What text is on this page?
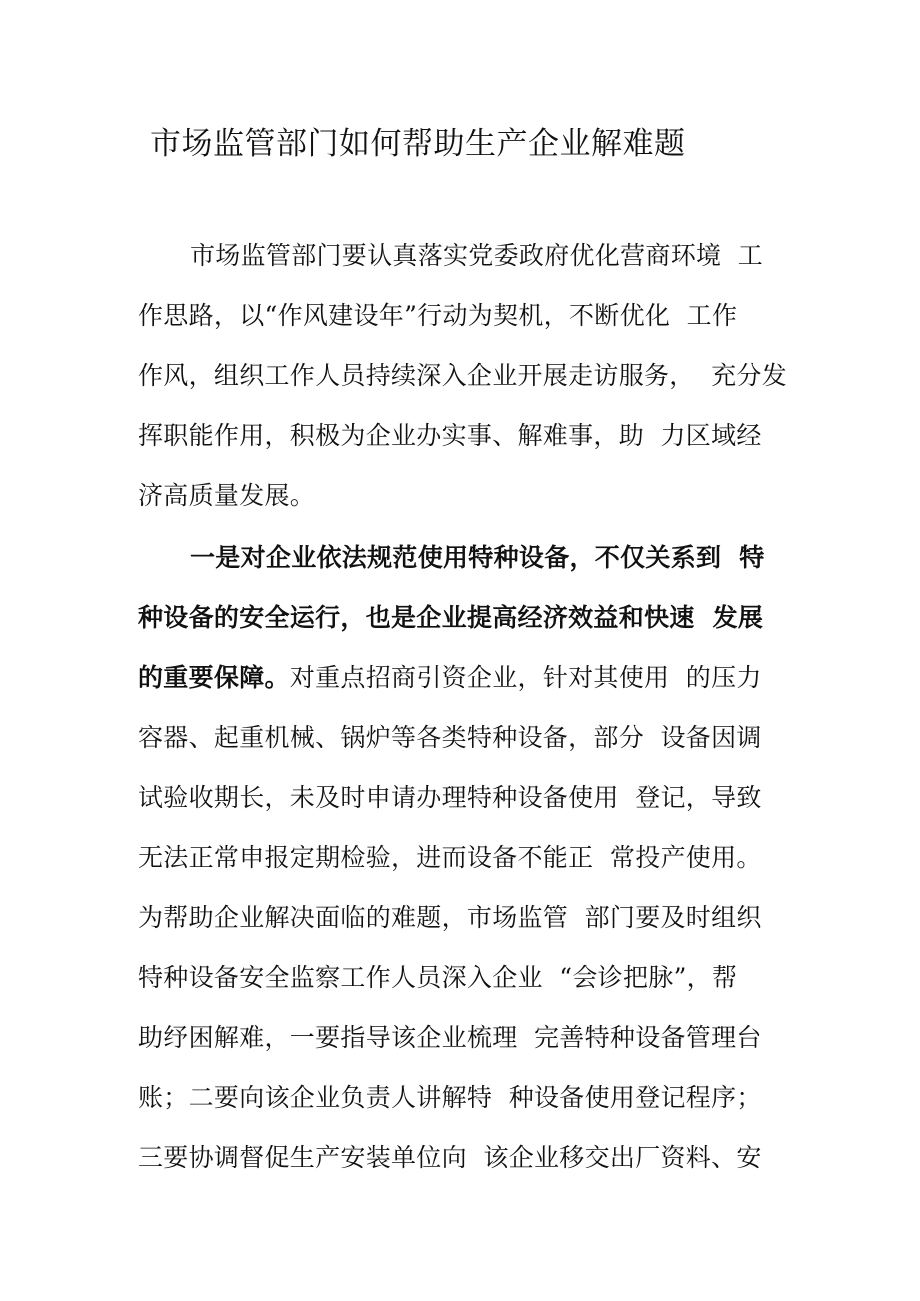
市场监管部门如何帮助生产企业解难题

市场监管部门要认真落实党委政府优化营商环境  工

作思路，以“作风建设年”行动为契机，不断优化  工作

作风，组织工作人员持续深入企业开展走访服务，  充分发

挥职能作用，积极为企业办实事、解难事，助  力区域经

济高质量发展。

一是对企业依法规范使用特种设备，不仅关系到  特

种设备的安全运行，也是企业提高经济效益和快速  发展

的重要保障。对重点招商引资企业，针对其使用  的压力

容器、起重机械、锅炉等各类特种设备，部分  设备因调

试验收期长，未及时申请办理特种设备使用  登记，导致

无法正常申报定期检验，进而设备不能正  常投产使用。

为帮助企业解决面临的难题，市场监管  部门要及时组织

特种设备安全监察工作人员深入企业  “会诊把脉”，帮

助纾困解难，一要指导该企业梳理  完善特种设备管理台

账；二要向该企业负责人讲解特  种设备使用登记程序；

三要协调督促生产安装单位向  该企业移交出厂资料、安
